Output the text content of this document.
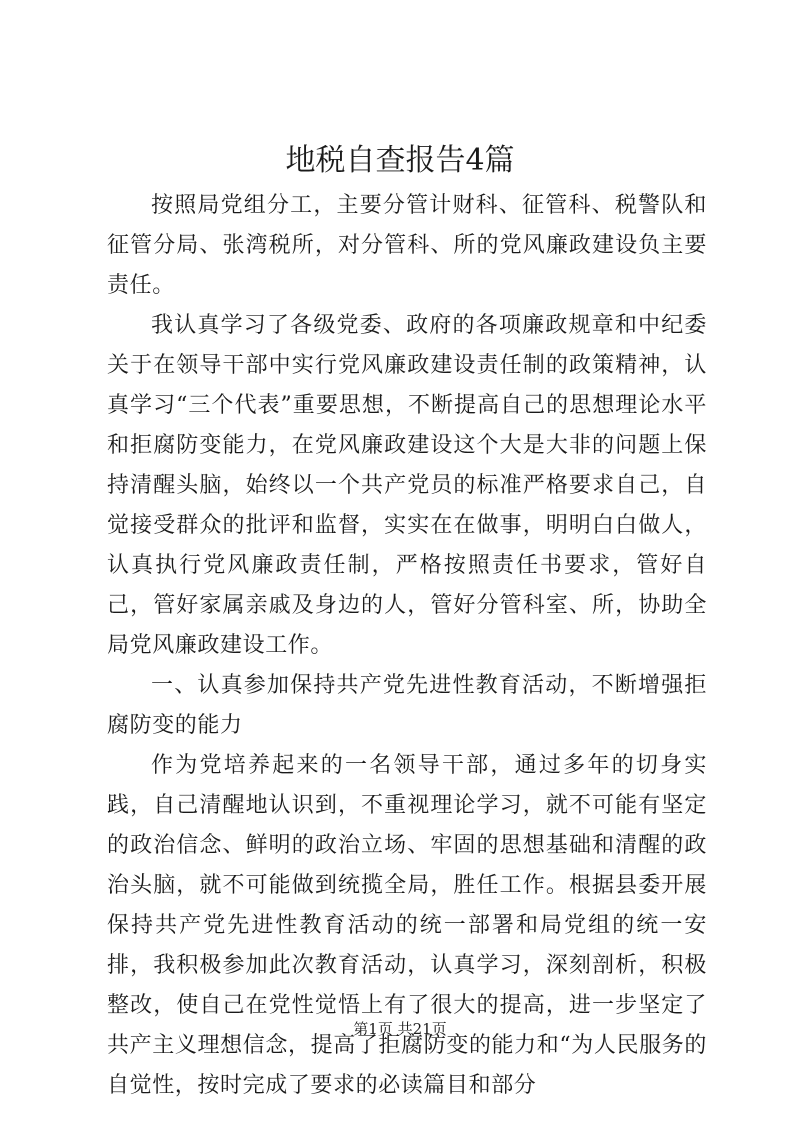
地税自查报告4篇

按照局党组分工，主要分管计财科、征管科、税警队和征管分局、张湾税所，对分管科、所的党风廉政建设负主要责任。

我认真学习了各级党委、政府的各项廉政规章和中纪委关于在领导干部中实行党风廉政建设责任制的政策精神，认真学习“三个代表”重要思想，不断提高自己的思想理论水平和拒腐防变能力，在党风廉政建设这个大是大非的问题上保持清醒头脑，始终以一个共产党员的标准严格要求自己，自觉接受群众的批评和监督，实实在在做事，明明白白做人，认真执行党风廉政责任制，严格按照责任书要求，管好自己，管好家属亲戚及身边的人，管好分管科室、所，协助全局党风廉政建设工作。

一、认真参加保持共产党先进性教育活动，不断增强拒腐防变的能力

作为党培养起来的一名领导干部，通过多年的切身实践，自己清醒地认识到，不重视理论学习，就不可能有坚定的政治信念、鲜明的政治立场、牢固的思想基础和清醒的政治头脑，就不可能做到统揽全局，胜任工作。根据县委开展保持共产党先进性教育活动的统一部署和局党组的统一安排，我积极参加此次教育活动，认真学习，深刻剖析，积极整改，使自己在党性觉悟上有了很大的提高，进一步坚定了共产主义理想信念，提高了拒腐防变的能力和“为人民服务的自觉性，按时完成了要求的必读篇目和部分

第1页 共21页
